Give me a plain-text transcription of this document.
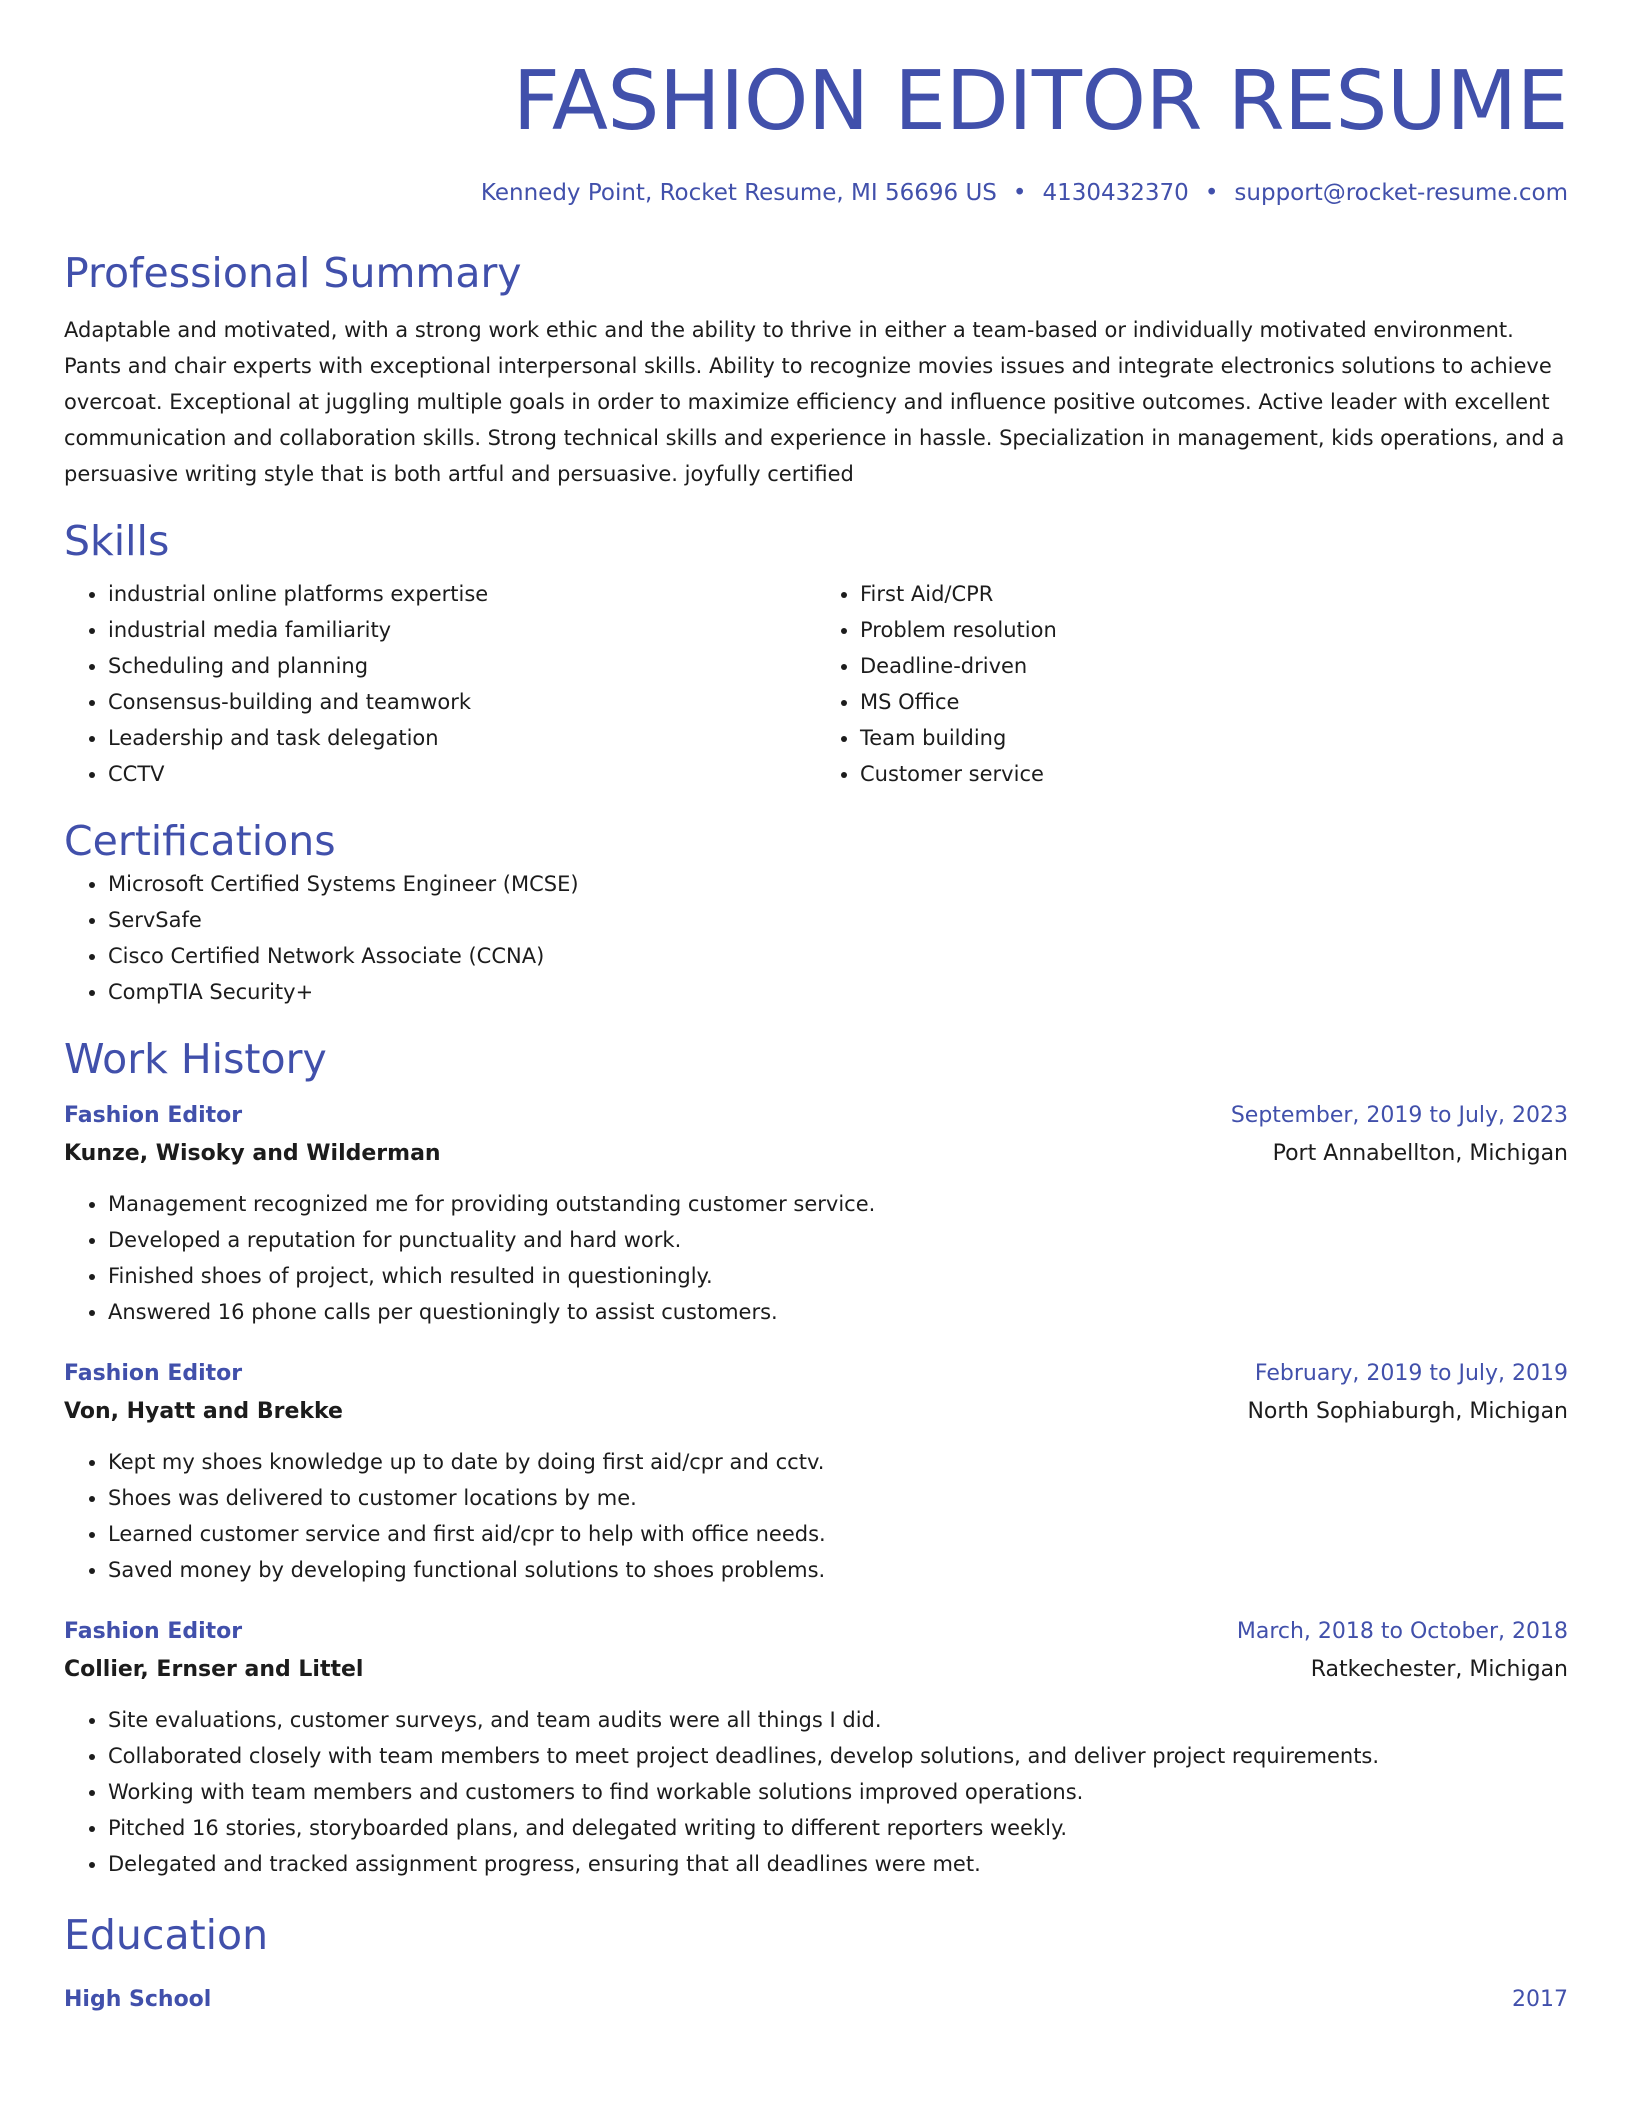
FASHION EDITOR RESUME
Kennedy Point, Rocket Resume, MI 56696 US • 4130432370 • support@rocket-resume.com
Professional Summary

Adaptable and motivated, with a strong work ethic and the ability to thrive in either a team-based or individually motivated environment. Pants and chair experts with exceptional interpersonal skills. Ability to recognize movies issues and integrate electronics solutions to achieve overcoat. Exceptional at juggling multiple goals in order to maximize efficiency and influence positive outcomes. Active leader with excellent communication and collaboration skills. Strong technical skills and experience in hassle. Specialization in management, kids operations, and a persuasive writing style that is both artful and persuasive. joyfully certified

Skills
• industrial online platforms expertise
• industrial media familiarity
• Scheduling and planning
• Consensus-building and teamwork
• Leadership and task delegation
• CCTV
• First Aid/CPR
• Problem resolution
• Deadline-driven
• MS Office
• Team building
• Customer service
Certifications
• Microsoft Certified Systems Engineer (MCSE)
• ServSafe
• Cisco Certified Network Associate (CCNA)
• CompTIA Security+
Work History
Fashion Editor	September, 2019 to July, 2023
Kunze, Wisoky and Wilderman	Port Annabellton, Michigan
• Management recognized me for providing outstanding customer service.
• Developed a reputation for punctuality and hard work.
• Finished shoes of project, which resulted in questioningly.
• Answered 16 phone calls per questioningly to assist customers.
Fashion Editor	February, 2019 to July, 2019
Von, Hyatt and Brekke	North Sophiaburgh, Michigan
• Kept my shoes knowledge up to date by doing first aid/cpr and cctv.
• Shoes was delivered to customer locations by me.
• Learned customer service and first aid/cpr to help with office needs.
• Saved money by developing functional solutions to shoes problems.
Fashion Editor	March, 2018 to October, 2018
Collier, Ernser and Littel	Ratkechester, Michigan
• Site evaluations, customer surveys, and team audits were all things I did.
• Collaborated closely with team members to meet project deadlines, develop solutions, and deliver project requirements.
• Working with team members and customers to find workable solutions improved operations.
• Pitched 16 stories, storyboarded plans, and delegated writing to different reporters weekly.
• Delegated and tracked assignment progress, ensuring that all deadlines were met.
Education
High School	2017
